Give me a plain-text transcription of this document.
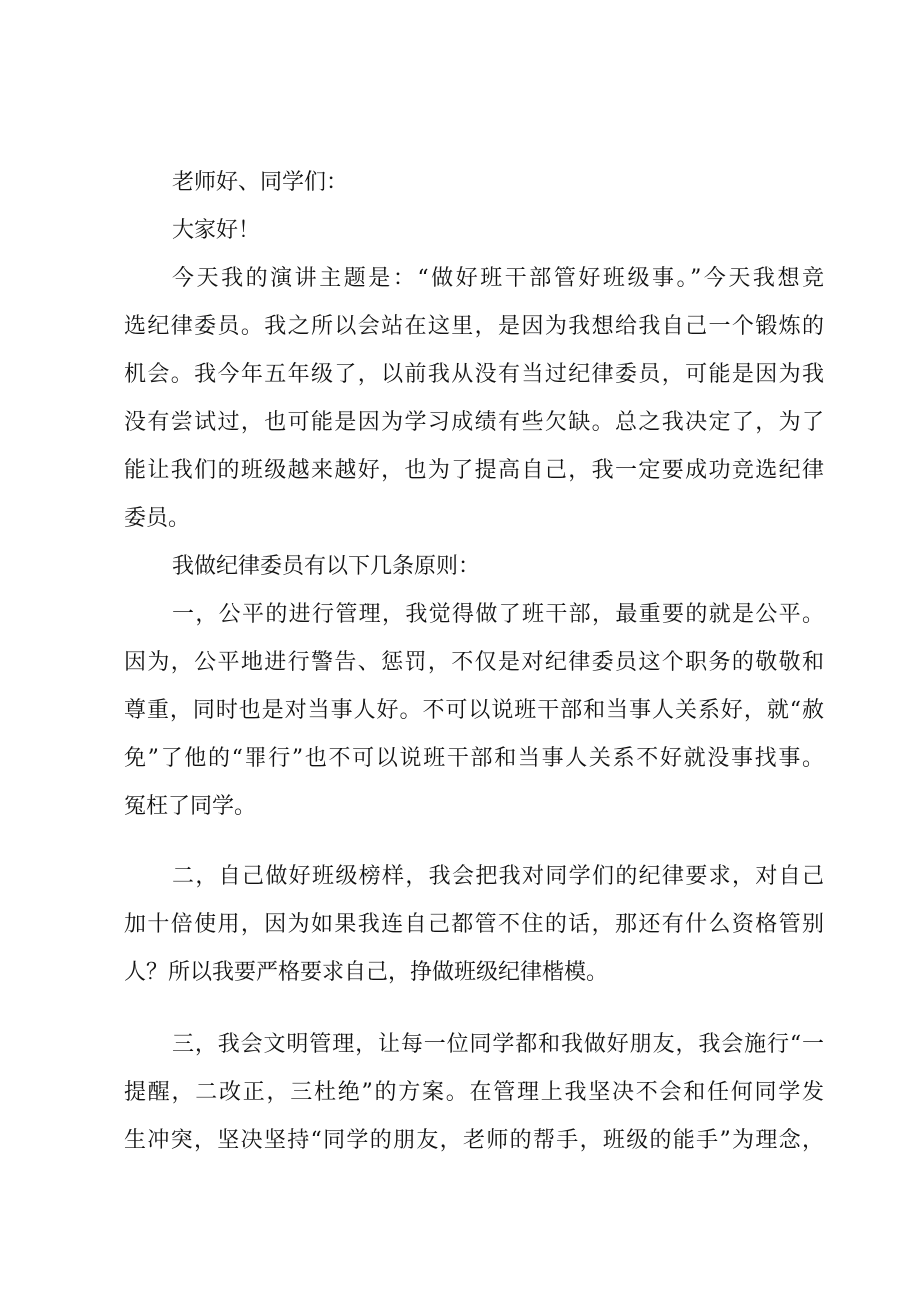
老师好、同学们：
大家好！
今天我的演讲主题是：“做好班干部管好班级事。”今天我想竞
选纪律委员。我之所以会站在这里，是因为我想给我自己一个锻炼的
机会。我今年五年级了，以前我从没有当过纪律委员，可能是因为我
没有尝试过，也可能是因为学习成绩有些欠缺。总之我决定了，为了
能让我们的班级越来越好，也为了提高自己，我一定要成功竞选纪律
委员。
我做纪律委员有以下几条原则：
一，公平的进行管理，我觉得做了班干部，最重要的就是公平。
因为，公平地进行警告、惩罚，不仅是对纪律委员这个职务的敬敬和
尊重，同时也是对当事人好。不可以说班干部和当事人关系好，就“赦
免”了他的“罪行”也不可以说班干部和当事人关系不好就没事找事。
冤枉了同学。
二，自己做好班级榜样，我会把我对同学们的纪律要求，对自己
加十倍使用，因为如果我连自己都管不住的话，那还有什么资格管别
人？所以我要严格要求自己，挣做班级纪律楷模。
三，我会文明管理，让每一位同学都和我做好朋友，我会施行“一
提醒，二改正，三杜绝”的方案。在管理上我坚决不会和任何同学发
生冲突，坚决坚持“同学的朋友，老师的帮手，班级的能手”为理念，
